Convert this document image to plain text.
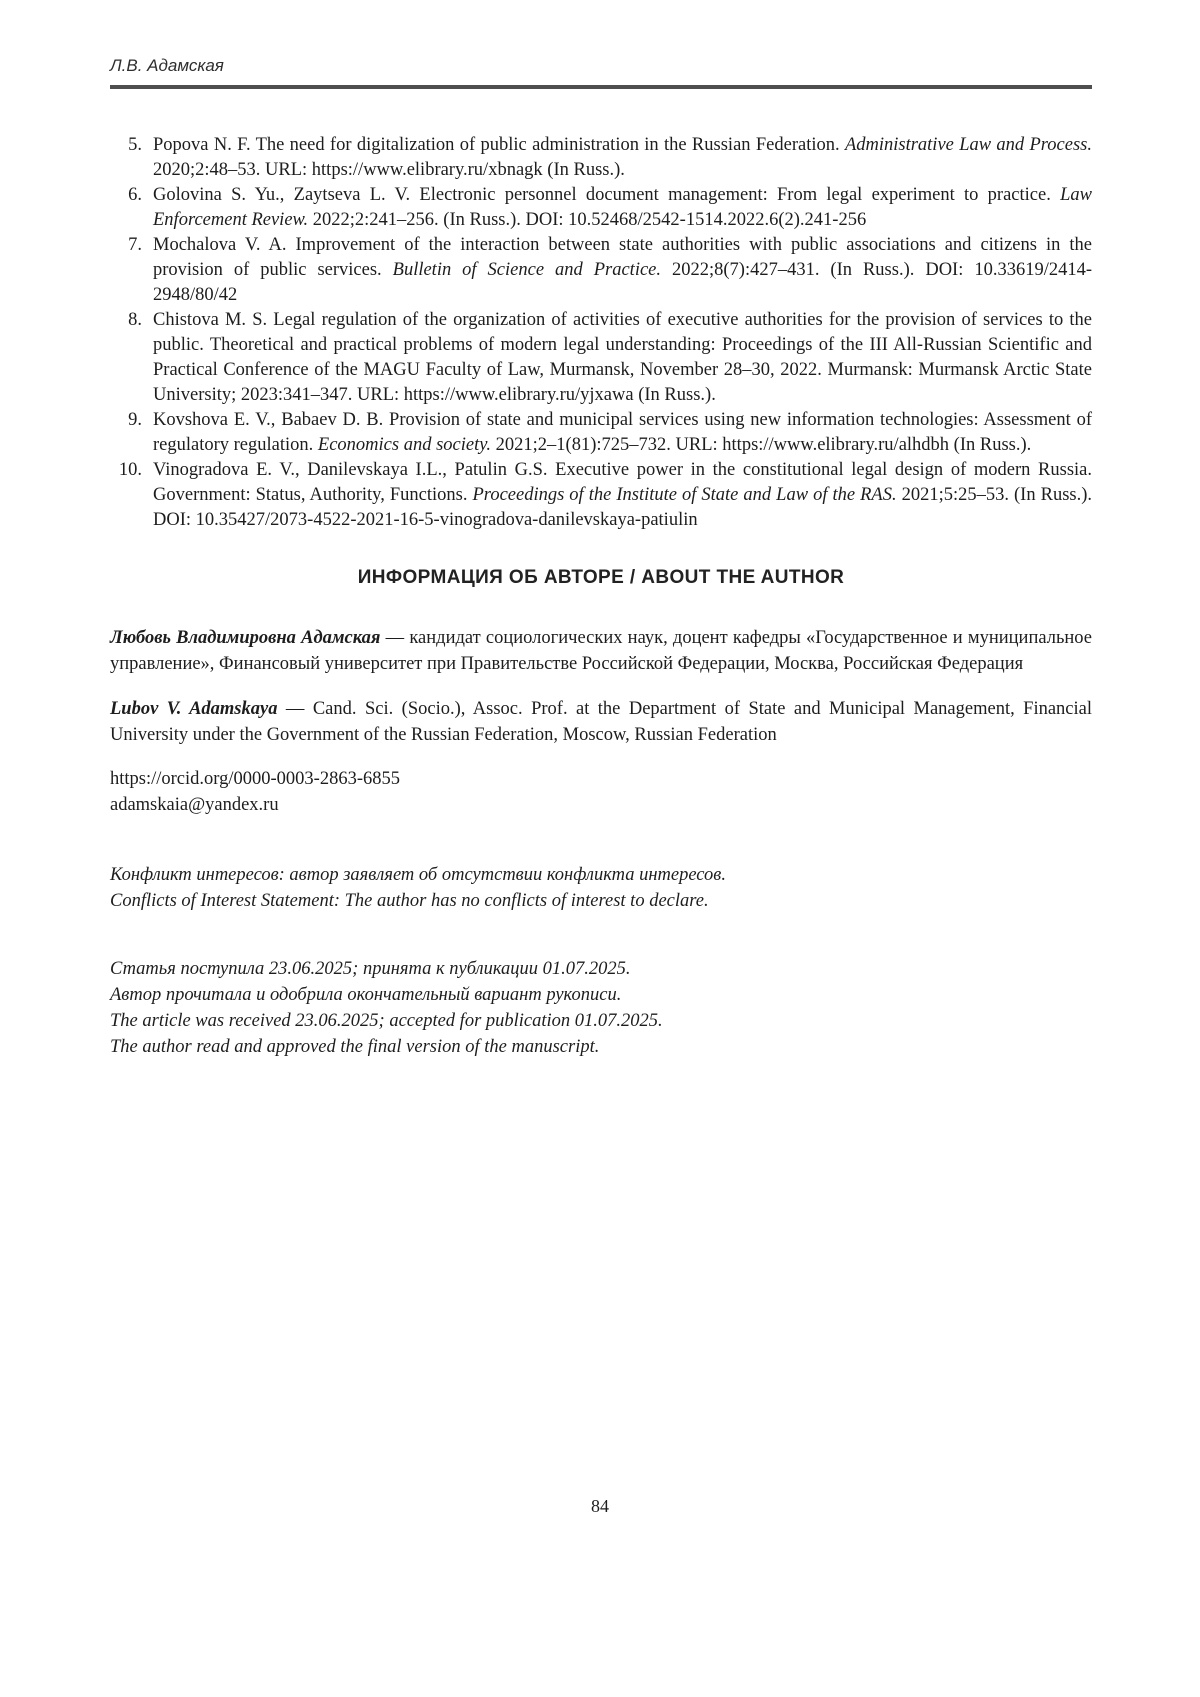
Л.В. Адамская
5. Popova N. F. The need for digitalization of public administration in the Russian Federation. Administrative Law and Process. 2020;2:48–53. URL: https://www.elibrary.ru/xbnagk (In Russ.).
6. Golovina S. Yu., Zaytseva L. V. Electronic personnel document management: From legal experiment to practice. Law Enforcement Review. 2022;2:241–256. (In Russ.). DOI: 10.52468/2542-1514.2022.6(2).241-256
7. Mochalova V. A. Improvement of the interaction between state authorities with public associations and citizens in the provision of public services. Bulletin of Science and Practice. 2022;8(7):427–431. (In Russ.). DOI: 10.33619/2414-2948/80/42
8. Chistova M. S. Legal regulation of the organization of activities of executive authorities for the provision of services to the public. Theoretical and practical problems of modern legal understanding: Proceedings of the III All-Russian Scientific and Practical Conference of the MAGU Faculty of Law, Murmansk, November 28–30, 2022. Murmansk: Murmansk Arctic State University; 2023:341–347. URL: https://www.elibrary.ru/yjxawa (In Russ.).
9. Kovshova E. V., Babaev D. B. Provision of state and municipal services using new information technologies: Assessment of regulatory regulation. Economics and society. 2021;2–1(81):725–732. URL: https://www.elibrary.ru/alhdbh (In Russ.).
10. Vinogradova E. V., Danilevskaya I.L., Patulin G.S. Executive power in the constitutional legal design of modern Russia. Government: Status, Authority, Functions. Proceedings of the Institute of State and Law of the RAS. 2021;5:25–53. (In Russ.). DOI: 10.35427/2073-4522-2021-16-5-vinogradova-danilevskaya-patiulin
ИНФОРМАЦИЯ ОБ АВТОРЕ / ABOUT THE AUTHOR

Любовь Владимировна Адамская — кандидат социологических наук, доцент кафедры «Государственное и муниципальное управление», Финансовый университет при Правительстве Российской Федерации, Москва, Российская Федерация

Lubov V. Adamskaya — Cand. Sci. (Socio.), Assoc. Prof. at the Department of State and Municipal Management, Financial University under the Government of the Russian Federation, Moscow, Russian Federation

https://orcid.org/0000-0003-2863-6855
adamskaia@yandex.ru
Конфликт интересов: автор заявляет об отсутствии конфликта интересов.
Conflicts of Interest Statement: The author has no conflicts of interest to declare.
Статья поступила 23.06.2025; принята к публикации 01.07.2025.
Автор прочитала и одобрила окончательный вариант рукописи.
The article was received 23.06.2025; accepted for publication 01.07.2025.
The author read and approved the final version of the manuscript.
84
